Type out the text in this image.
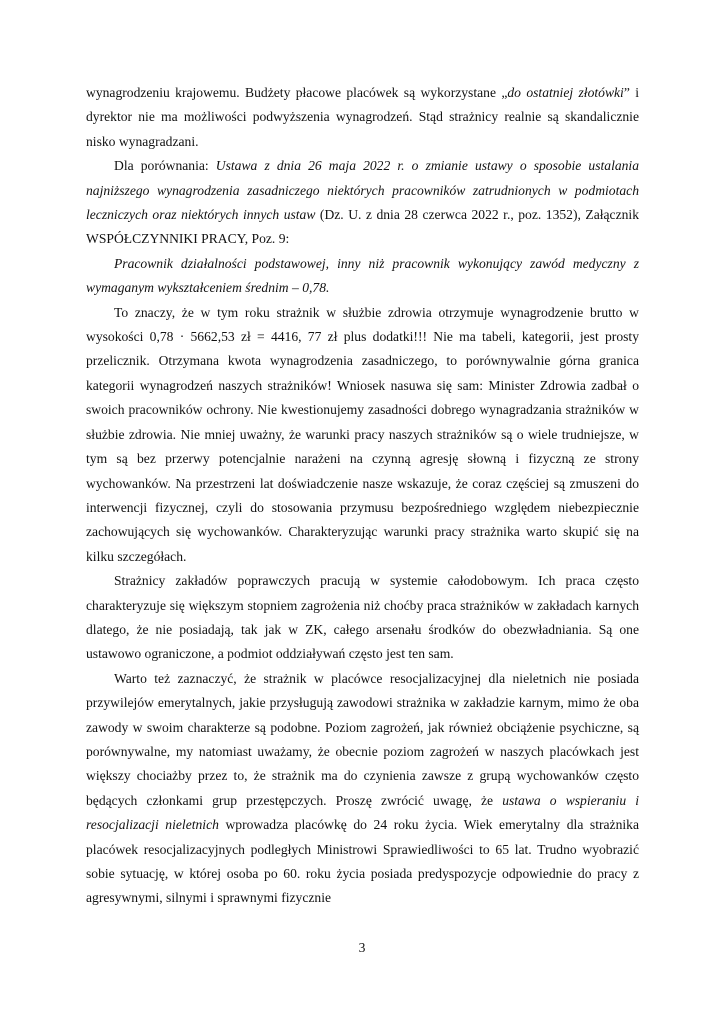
wynagrodzeniu krajowemu. Budżety płacowe placówek są wykorzystane „do ostatniej złotówki” i dyrektor nie ma możliwości podwyższenia wynagrodzeń. Stąd strażnicy realnie są skandalicznie nisko wynagradzani.

Dla porównania: Ustawa z dnia 26 maja 2022 r. o zmianie ustawy o sposobie ustalania najniższego wynagrodzenia zasadniczego niektórych pracowników zatrudnionych w podmiotach leczniczych oraz niektórych innych ustaw (Dz. U. z dnia 28 czerwca 2022 r., poz. 1352), Załącznik WSPÓŁCZYNNIKI PRACY, Poz. 9:

Pracownik działalności podstawowej, inny niż pracownik wykonujący zawód medyczny z wymaganym wykształceniem średnim – 0,78.

To znaczy, że w tym roku strażnik w służbie zdrowia otrzymuje wynagrodzenie brutto w wysokości 0,78 · 5662,53 zł = 4416, 77 zł plus dodatki!!! Nie ma tabeli, kategorii, jest prosty przelicznik. Otrzymana kwota wynagrodzenia zasadniczego, to porównywalnie górna granica kategorii wynagrodzeń naszych strażników! Wniosek nasuwa się sam: Minister Zdrowia zadbał o swoich pracowników ochrony. Nie kwestionujemy zasadności dobrego wynagradzania strażników w służbie zdrowia. Nie mniej uważny, że warunki pracy naszych strażników są o wiele trudniejsze, w tym są bez przerwy potencjalnie narażeni na czynną agresję słowną i fizyczną ze strony wychowanków. Na przestrzeni lat doświadczenie nasze wskazuje, że coraz częściej są zmuszeni do interwencji fizycznej, czyli do stosowania przymusu bezpośredniego względem niebezpiecznie zachowujących się wychowanków. Charakteryzując warunki pracy strażnika warto skupić się na kilku szczegółach.

Strażnicy zakładów poprawczych pracują w systemie całodobowym. Ich praca często charakteryzuje się większym stopniem zagrożenia niż choćby praca strażników w zakładach karnych dlatego, że nie posiadają, tak jak w ZK, całego arsenału środków do obezwładniania. Są one ustawowo ograniczone, a podmiot oddziaływań często jest ten sam.

Warto też zaznaczyć, że strażnik w placówce resocjalizacyjnej dla nieletnich nie posiada przywilejów emerytalnych, jakie przysługują zawodowi strażnika w zakładzie karnym, mimo że oba zawody w swoim charakterze są podobne. Poziom zagrożeń, jak również obciążenie psychiczne, są porównywalne, my natomiast uważamy, że obecnie poziom zagrożeń w naszych placówkach jest większy chociażby przez to, że strażnik ma do czynienia zawsze z grupą wychowanków często będących członkami grup przestępczych. Proszę zwrócić uwagę, że ustawa o wspieraniu i resocjalizacji nieletnich wprowadza placówkę do 24 roku życia. Wiek emerytalny dla strażnika placówek resocjalizacyjnych podległych Ministrowi Sprawiedliwości to 65 lat. Trudno wyobrazić sobie sytuację, w której osoba po 60. roku życia posiada predyspozycje odpowiednie do pracy z agresywnymi, silnymi i sprawnymi fizycznie

3
